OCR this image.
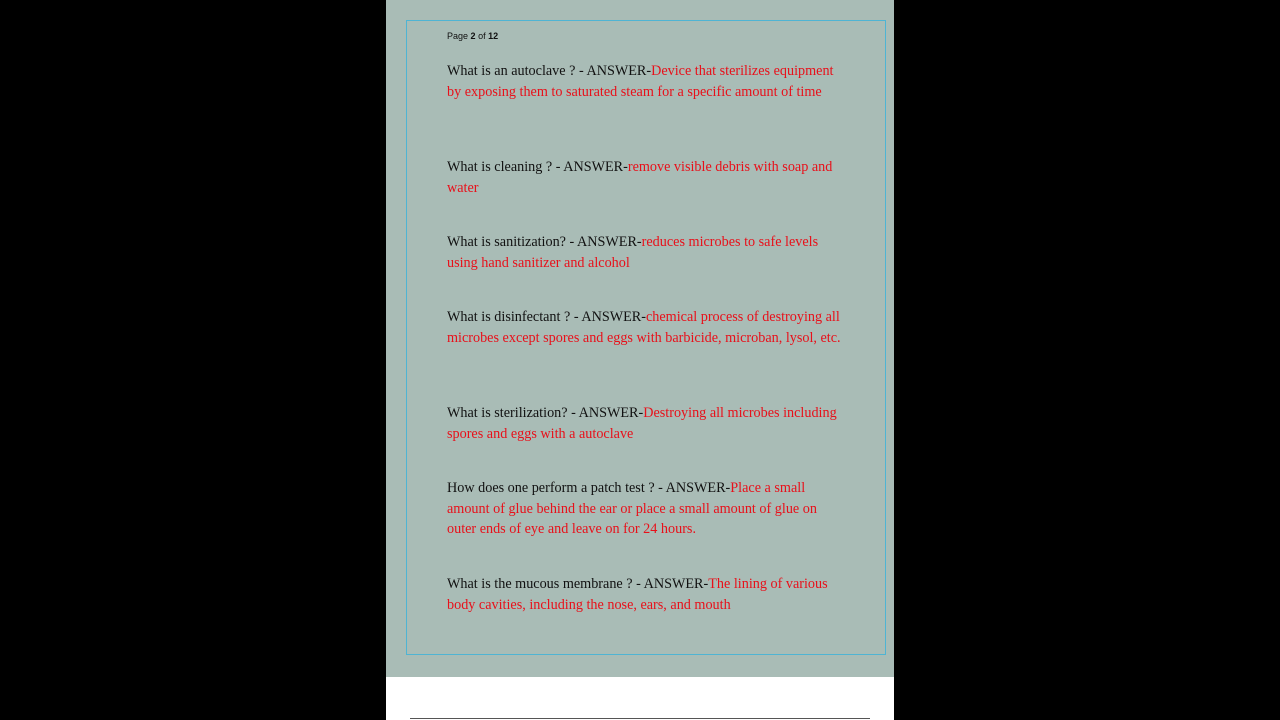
Page 2 of 12

What is an autoclave ? - ANSWER-Device that sterilizes equipment by exposing them to saturated steam for a specific amount of time

What is cleaning ? - ANSWER-remove visible debris with soap and water

What is sanitization? - ANSWER-reduces microbes to safe levels using hand sanitizer and alcohol

What is disinfectant ? - ANSWER-chemical process of destroying all microbes except spores and eggs with barbicide, microban, lysol, etc.

What is sterilization? - ANSWER-Destroying all microbes including spores and eggs with a autoclave

How does one perform a patch test ? - ANSWER-Place a small amount of glue behind the ear or place a small amount of glue on outer ends of eye and leave on for 24 hours.

What is the mucous membrane ? - ANSWER-The lining of various body cavities, including the nose, ears, and mouth
